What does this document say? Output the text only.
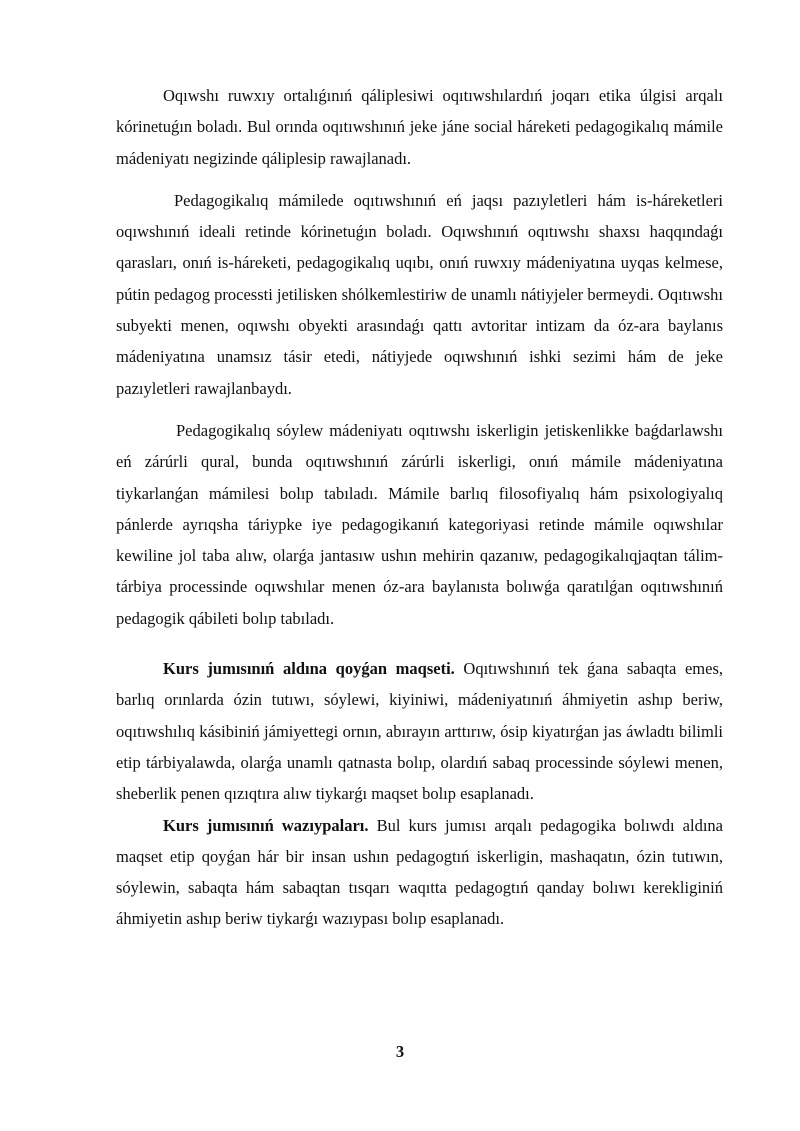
Oqıwshı ruwxıy ortalıǵınıń qáliplesiwi oqıtıwshılardıń joqarı etika úlgisi arqalı kórinetuǵın boladı. Bul orında oqıtıwshınıń jeke jáne social háreketi pedagogikalıq mámile mádeniyatı negizinde qáliplesip rawajlanadı.

Pedagogikalıq mámilede oqıtıwshınıń eń jaqsı pazıyletleri hám is-háreketleri oqıwshınıń ideali retinde kórinetuǵın boladı. Oqıwshınıń oqıtıwshı shaxsı haqqındaǵı qarasları, onıń is-háreketi, pedagogikalıq uqıbı, onıń ruwxıy mádeniyatına uyqas kelmese, pútin pedagog processti jetilisken shólkemlestiriw de unamlı nátiyjeler bermeydi. Oqıtıwshı subyekti menen, oqıwshı obyekti arasındaǵı qattı avtoritar intizam da óz-ara baylanıs mádeniyatına unamsız tásir etedi, nátiyjede oqıwshınıń ishki sezimi hám de jeke pazıyletleri rawajlanbaydı.

Pedagogikalıq sóylew mádeniyatı oqıtıwshı iskerligin jetiskenlikke baǵdarlawshı eń zárúrli qural, bunda oqıtıwshınıń zárúrli iskerligi, onıń mámile mádeniyatına tiykarlanǵan mámilesi bolıp tabıladı. Mámile barlıq filosofiyalıq hám psixologiyalıq pánlerde ayrıqsha táriypke iye pedagogikanıń kategoriyasi retinde mámile oqıwshılar kewiline jol taba alıw, olarǵa jantasıw ushın mehirin qazanıw, pedagogikalıqjaqtan tálim-tárbiya processinde oqıwshılar menen óz-ara baylanısta bolıwǵa qaratılǵan oqıtıwshınıń pedagogik qábileti bolıp tabıladı.

Kurs jumısınıń aldına qoyǵan maqseti. Oqıtıwshınıń tek ǵana sabaqta emes, barlıq orınlarda ózin tutıwı, sóylewi, kiyiniwi, mádeniyatınıń áhmiyetin ashıp beriw, oqıtıwshılıq kásibiniń jámiyettegi ornın, abırayın arttırıw, ósip kiyatırǵan jas áwladtı bilimli etip tárbiyalawda, olarǵa unamlı qatnasta bolıp, olardıń sabaq processinde sóylewi menen, sheberlik penen qızıqtıra alıw tiykarǵı maqset bolıp esaplanadı.

Kurs jumısınıń wazıypaları. Bul kurs jumısı arqalı pedagogika bolıwdı aldına maqset etip qoyǵan hár bir insan ushın pedagogtıń iskerligin, mashaqatın, ózin tutıwın, sóylewin, sabaqta hám sabaqtan tısqarı waqıtta pedagogtıń qanday bolıwı kerekliginiń áhmiyetin ashıp beriw tiykarǵı wazıypası bolıp esaplanadı.

3
